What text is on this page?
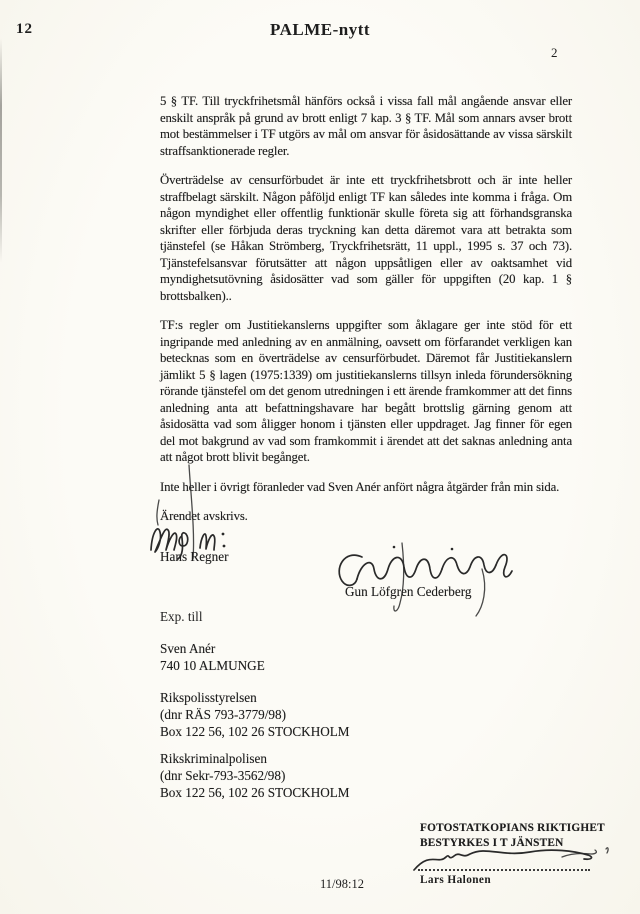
12	PALME-nytt
2

5 § TF. Till tryckfrihetsmål hänförs också i vissa fall mål angående ansvar eller enskilt anspråk på grund av brott enligt 7 kap. 3 § TF. Mål som annars avser brott mot bestämmelser i TF utgörs av mål om ansvar för åsidosättande av vissa särskilt straffsanktionerade regler.

Överträdelse av censurförbudet är inte ett tryckfrihetsbrott och är inte heller straffbelagt särskilt. Någon påföljd enligt TF kan således inte komma i fråga. Om någon myndighet eller offentlig funktionär skulle företa sig att förhandsgranska skrifter eller förbjuda deras tryckning kan detta däremot vara att betrakta som tjänstefel (se Håkan Strömberg, Tryckfrihetsrätt, 11 uppl., 1995 s. 37 och 73). Tjänstefelsansvar förutsätter att någon uppsåtligen eller av oaktsamhet vid myndighetsutövning åsidosätter vad som gäller för uppgiften (20 kap. 1 § brottsbalken)..

TF:s regler om Justitiekanslerns uppgifter som åklagare ger inte stöd för ett ingripande med anledning av en anmälning, oavsett om förfarandet verkligen kan betecknas som en överträdelse av censurförbudet. Däremot får Justitiekanslern jämlikt 5 § lagen (1975:1339) om justitiekanslerns tillsyn inleda förundersökning rörande tjänstefel om det genom utredningen i ett ärende framkommer att det finns anledning anta att befattningshavare har begått brottslig gärning genom att åsidosätta vad som åligger honom i tjänsten eller uppdraget. Jag finner för egen del mot bakgrund av vad som framkommit i ärendet att det saknas anledning anta att något brott blivit begånget.

Inte heller i övrigt föranleder vad Sven Anér anfört några åtgärder från min sida.

Ärendet avskrivs.

Hans Regner
Gun Löfgren Cederberg
Exp. till
Sven Anér
740 10 ALMUNGE
Rikspolisstyrelsen
(dnr RÄS 793-3779/98)
Box 122 56, 102 26 STOCKHOLM
Rikskriminalpolisen
(dnr Sekr-793-3562/98)
Box 122 56, 102 26 STOCKHOLM
FOTOSTATKOPIANS RIKTIGHET
BESTYRKES I T JÄNSTEN
Lars Halonen
11/98:12
